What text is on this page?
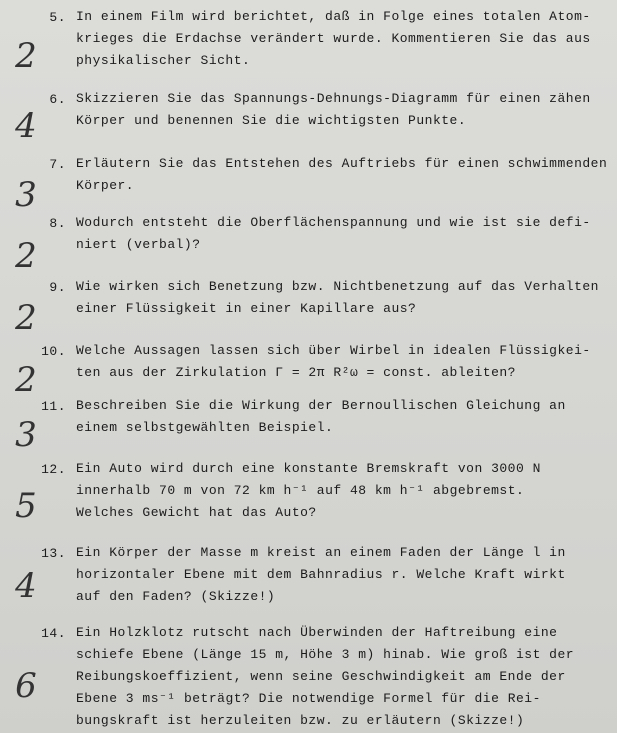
5.
2
In einem Film wird berichtet, daß in Folge eines totalen Atom-
krieges die Erdachse verändert wurde. Kommentieren Sie das aus
physikalischer Sicht.
6.
4
Skizzieren Sie das Spannungs-Dehnungs-Diagramm für einen zähen
Körper und benennen Sie die wichtigsten Punkte.
7.
3
Erläutern Sie das Entstehen des Auftriebs für einen schwimmenden
Körper.
8.
2
Wodurch entsteht die Oberflächenspannung und wie ist sie defi-
niert (verbal)?
9.
2
Wie wirken sich Benetzung bzw. Nichtbenetzung auf das Verhalten
einer Flüssigkeit in einer Kapillare aus?
10.
2
Welche Aussagen lassen sich über Wirbel in idealen Flüssigkei-
ten aus der Zirkulation Γ = 2π R²ω = const. ableiten?
11.
3
Beschreiben Sie die Wirkung der Bernoullischen Gleichung an
einem selbstgewählten Beispiel.
12.
5
Ein Auto wird durch eine konstante Bremskraft von 3000 N
innerhalb 70 m von 72 km h⁻¹ auf 48 km h⁻¹ abgebremst.
Welches Gewicht hat das Auto?
13.
4
Ein Körper der Masse m kreist an einem Faden der Länge l in
horizontaler Ebene mit dem Bahnradius r. Welche Kraft wirkt
auf den Faden? (Skizze!)
14.
6
Ein Holzklotz rutscht nach Überwinden der Haftreibung eine
schiefe Ebene (Länge 15 m, Höhe 3 m) hinab. Wie groß ist der
Reibungskoeffizient, wenn seine Geschwindigkeit am Ende der
Ebene 3 ms⁻¹ beträgt? Die notwendige Formel für die Rei-
bungskraft ist herzuleiten bzw. zu erläutern (Skizze!)
